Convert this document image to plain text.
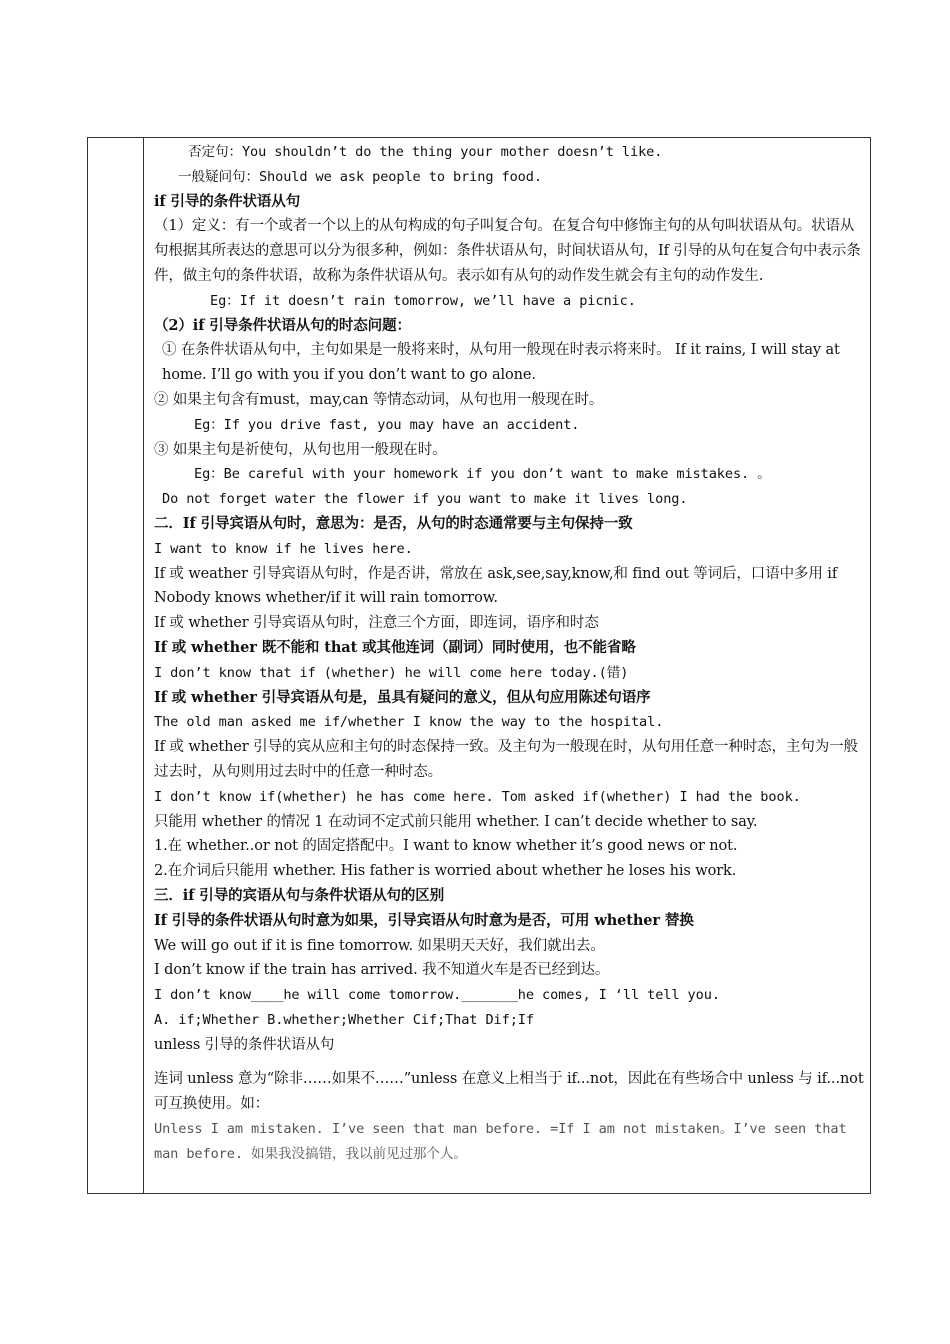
否定句：You shouldn’t do the thing your mother doesn’t like.
一般疑问句：Should we ask people to bring food.
if 引导的条件状语从句
（1）定义：有一个或者一个以上的从句构成的句子叫复合句。在复合句中修饰主句的从句叫状语从句。状语从句根据其所表达的意思可以分为很多种，例如：条件状语从句，时间状语从句，If 引导的从句在复合句中表示条件，做主句的条件状语，故称为条件状语从句。表示如有从句的动作发生就会有主句的动作发生.
Eg：If it doesn’t rain tomorrow, we’ll have a picnic.
（2）if 引导条件状语从句的时态问题：
① 在条件状语从句中，主句如果是一般将来时，从句用一般现在时表示将来时。 If it rains, I will stay at home. I’ll go with you if you don’t want to go alone.
② 如果主句含有must，may,can 等情态动词，从句也用一般现在时。
Eg：If you drive fast, you may have an accident.
③ 如果主句是祈使句，从句也用一般现在时。
Eg：Be careful with your homework if you don’t want to make mistakes. 。
Do not forget water the flower if you want to make it lives long.
二．If 引导宾语从句时，意思为：是否，从句的时态通常要与主句保持一致
I want to know if he lives here.
If 或 weather 引导宾语从句时，作是否讲，常放在 ask,see,say,know,和 find out 等词后，口语中多用 if Nobody knows whether/if it will rain tomorrow.
If 或 whether 引导宾语从句时，注意三个方面，即连词，语序和时态
If 或 whether 既不能和 that 或其他连词（副词）同时使用，也不能省略
I don’t know that if (whether) he will come here today.(错)
If 或 whether 引导宾语从句是，虽具有疑问的意义，但从句应用陈述句语序
The old man asked me if/whether I know the way to the hospital.
If 或 whether 引导的宾从应和主句的时态保持一致。及主句为一般现在时，从句用任意一种时态，主句为一般过去时，从句则用过去时中的任意一种时态。
I don’t know if(whether) he has come here. Tom asked if(whether) I had the book.
只能用 whether 的情况 1 在动词不定式前只能用 whether. I can’t decide whether to say.
1.在 whether..or not 的固定搭配中。I want to know whether it’s good news or not.
2.在介词后只能用 whether. His father is worried about whether he loses his work.
三．if 引导的宾语从句与条件状语从句的区别
If 引导的条件状语从句时意为如果，引导宾语从句时意为是否，可用 whether 替换
We will go out if it is fine tomorrow. 如果明天天好，我们就出去。
I don’t know if the train has arrived. 我不知道火车是否已经到达。
I don’t know____he will come tomorrow._______he comes, I ‘ll tell you.
A. if;Whether B.whether;Whether Cif;That Dif;If
unless 引导的条件状语从句
连词 unless 意为“除非……如果不……”unless 在意义上相当于 if...not，因此在有些场合中 unless 与 if...not 可互换使用。如：
Unless I am mistaken. I’ve seen that man before. =If I am not mistaken。I’ve seen that man before. 如果我没搞错，我以前见过那个人。
